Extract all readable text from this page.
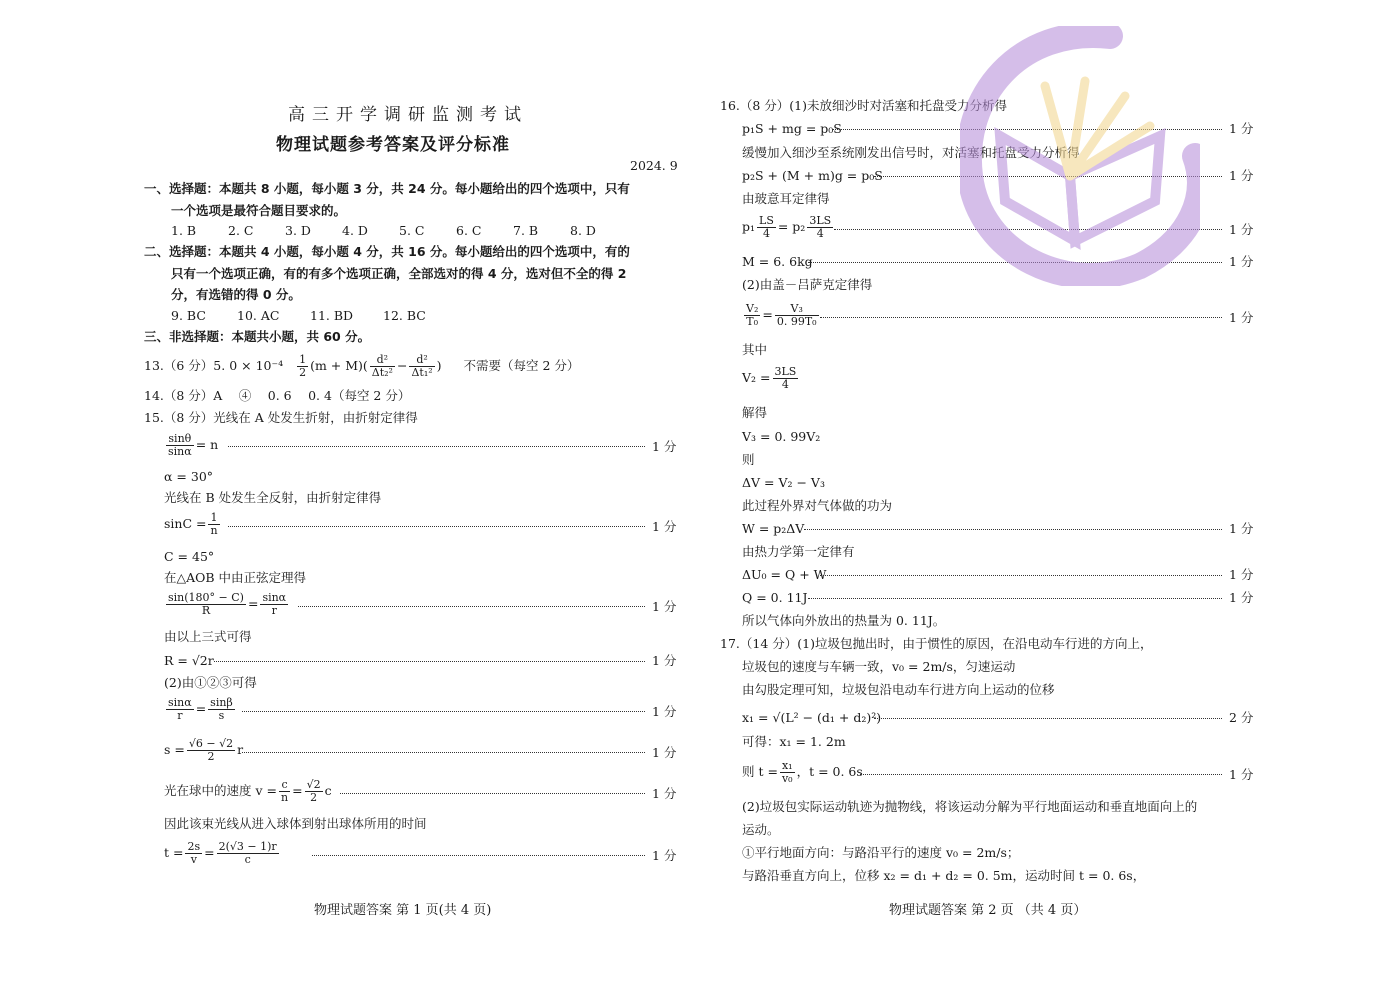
高三开学调研监测考试
物理试题参考答案及评分标准
2024. 9
一、选择题：本题共 8 小题，每小题 3 分，共 24 分。每小题给出的四个选项中，只有
一个选项是最符合题目要求的。
1. B	2. C	3. D 4. D 5. C	6. C	7. B	8. D
二、选择题：本题共 4 小题，每小题 4 分，共 16 分。每小题给出的四个选项中，有的
只有一个选项正确，有的有多个选项正确，全部选对的得 4 分，选对但不全的得 2
分，有选错的得 0 分。
9. BC 10. AC 11. BD 12. BC
三、非选择题：本题共小题，共 60 分。
13.（6 分）5. $0 \times 10^{-4} \frac{1}{2} (m + M)( \frac{\text{d²}}{\text{Δt₂²}} - \frac{\text{d²}}{\text{Δt₁²}}$ ) 不需要（每空 2 分）
14.（8 分）A　 ④　 0. 6　 0. 4（每空 2 分）
15.（8 分）光线在 A 处发生折射，由折射定律得
$\frac{\sin\theta}{\sin\alpha} = n$	1 分
α = 30°
光线在 B 处发生全反射，由折射定律得
$\sin C = \frac{1}{n}$	1 分
C = 45°
在△AOB 中由正弦定理得
$\frac{\sin(180^\circ - C)}{R} = \frac{\sin\alpha}{r}$	1 分
由以上三式可得
R = √2r	1 分
(2)由①②③可得
$\frac{\sin\alpha}{r} = \frac{\sin\beta}{s}$	1 分
$s = \frac{√6 - √2}{2}$ r	1 分
光在球中的速度 $v = \frac{c}{n} = \frac{√2}{2}$ c	1 分
因此该束光线从进入球体到射出球体所用的时间
$t = \frac{2s}{v} = \frac{2(√3 - 1)r}{c}$	1 分
物理试题答案 第 1 页(共 4 页)
16.（8 分）(1)未放细沙时对活塞和托盘受力分析得
p₁S + mg = p₀S	1 分
缓慢加入细沙至系统刚发出信号时，对活塞和托盘受力分析得
p₂S + (M + m)g = p₀S	1 分
由玻意耳定律得
$p_1 \frac{LS}{4} = p_2 \frac{3LS}{4}$	1 分
M = 6. 6kg	1 分
(2)由盖－吕萨克定律得
$\frac{\text{V₂}}{\text{T₀}} = \frac{\text{V₃}}{\text{0. 99T₀}}$	1 分
其中
$V_2 = \frac{3LS}{4}$
解得
V₃ = 0. 99V₂
则
ΔV = V₂ − V₃
此过程外界对气体做的功为
W = p₂ΔV	1 分
由热力学第一定律有
ΔU₀ = Q + W	1 分
Q = 0. 11J	1 分
所以气体向外放出的热量为 0. 11J。
17.（14 分）(1)垃圾包抛出时，由于惯性的原因，在沿电动车行进的方向上，
垃圾包的速度与车辆一致，v₀ = 2m/s，匀速运动
由勾股定理可知，垃圾包沿电动车行进方向上运动的位移
x₁ = √(L² − (d₁ + d₂)²)	2 分
可得：x₁ = 1. 2m
则 $t = \frac{\text{x₁}}{\text{v₀}}$ ，t = 0. 6s	1 分
(2)垃圾包实际运动轨迹为抛物线，将该运动分解为平行地面运动和垂直地面向上的
运动。
①平行地面方向：与路沿平行的速度 v₀ = 2m/s；
与路沿垂直方向上，位移 x₂ = d₁ + d₂ = 0. 5m，运动时间 t = 0. 6s，
物理试题答案 第 2 页 （共 4 页）
